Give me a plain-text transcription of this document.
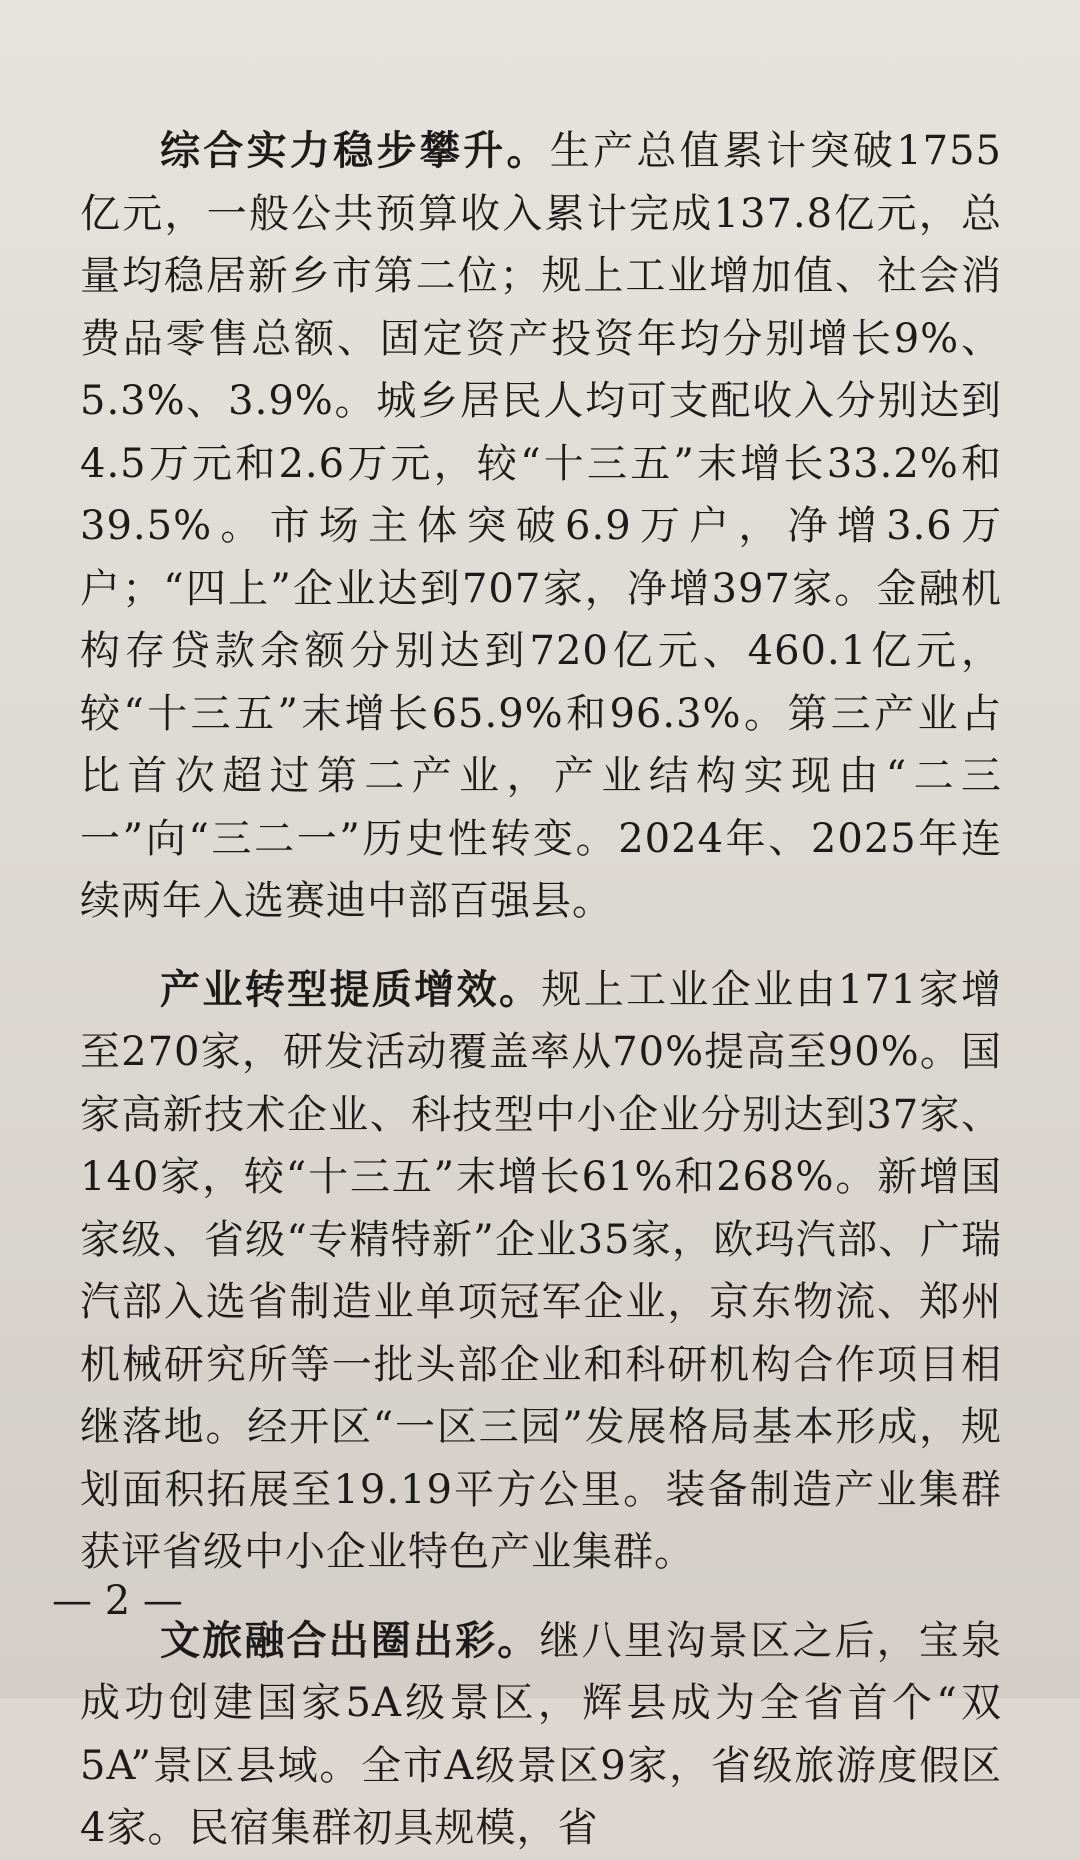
综合实力稳步攀升。生产总值累计突破1755亿元，一般公共预算收入累计完成137.8亿元，总量均稳居新乡市第二位；规上工业增加值、社会消费品零售总额、固定资产投资年均分别增长9%、5.3%、3.9%。城乡居民人均可支配收入分别达到4.5万元和2.6万元，较“十三五”末增长33.2%和39.5%。市场主体突破6.9万户，净增3.6万户；“四上”企业达到707家，净增397家。金融机构存贷款余额分别达到720亿元、460.1亿元，较“十三五”末增长65.9%和96.3%。第三产业占比首次超过第二产业，产业结构实现由“二三一”向“三二一”历史性转变。2024年、2025年连续两年入选赛迪中部百强县。

产业转型提质增效。规上工业企业由171家增至270家，研发活动覆盖率从70%提高至90%。国家高新技术企业、科技型中小企业分别达到37家、140家，较“十三五”末增长61%和268%。新增国家级、省级“专精特新”企业35家，欧玛汽部、广瑞汽部入选省制造业单项冠军企业，京东物流、郑州机械研究所等一批头部企业和科研机构合作项目相继落地。经开区“一区三园”发展格局基本形成，规划面积拓展至19.19平方公里。装备制造产业集群获评省级中小企业特色产业集群。

文旅融合出圈出彩。继八里沟景区之后，宝泉成功创建国家5A级景区，辉县成为全省首个“双5A”景区县域。全市A级景区9家，省级旅游度假区4家。民宿集群初具规模，省

— 2 —
